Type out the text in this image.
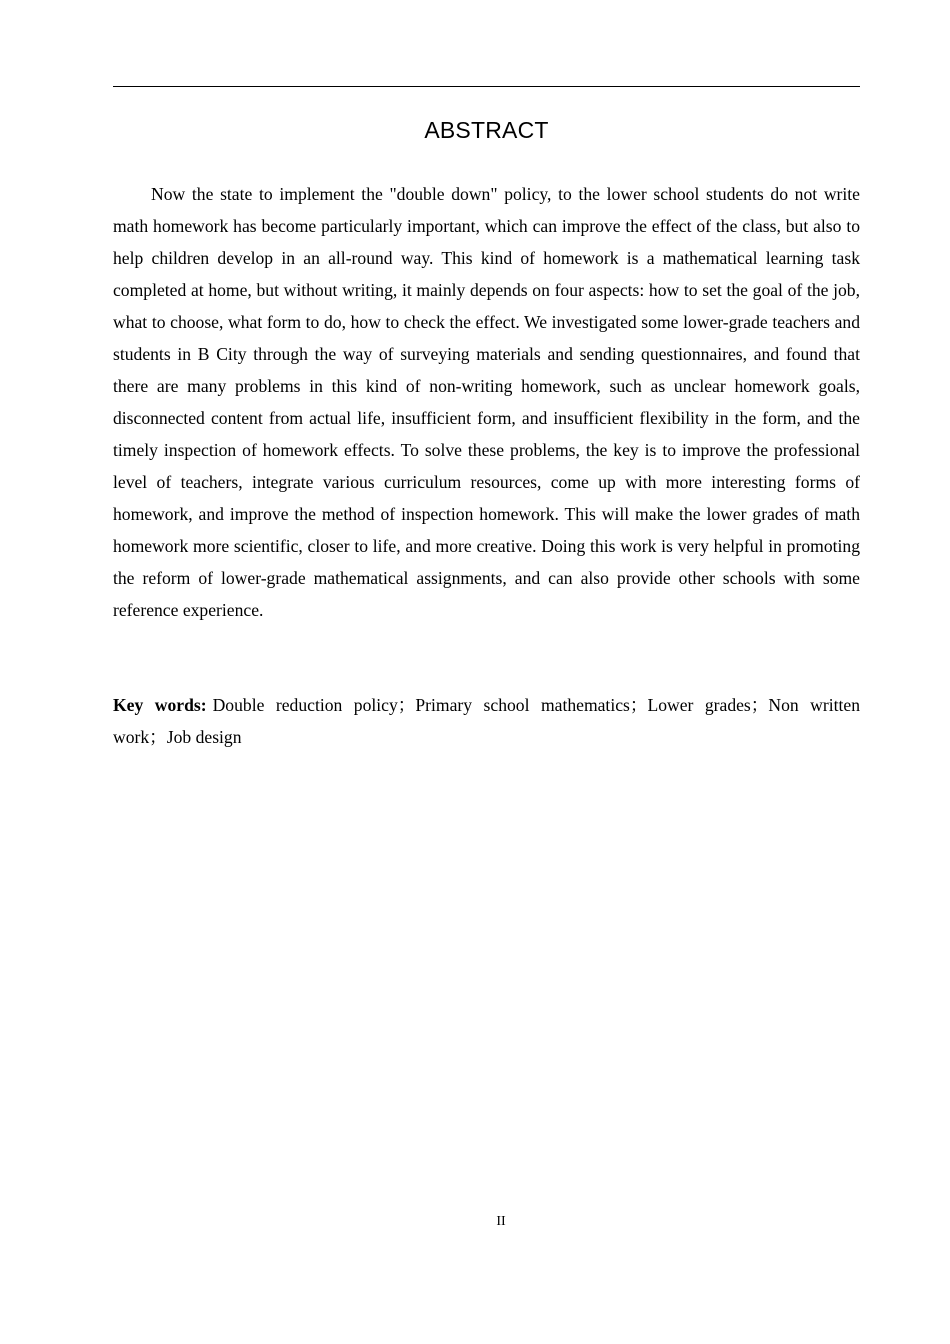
ABSTRACT

Now the state to implement the "double down" policy, to the lower school students do not write math homework has become particularly important, which can improve the effect of the class, but also to help children develop in an all-round way. This kind of homework is a mathematical learning task completed at home, but without writing, it mainly depends on four aspects: how to set the goal of the job, what to choose, what form to do, how to check the effect. We investigated some lower-grade teachers and students in B City through the way of surveying materials and sending questionnaires, and found that there are many problems in this kind of non-writing homework, such as unclear homework goals, disconnected content from actual life, insufficient form, and insufficient flexibility in the form, and the timely inspection of homework effects. To solve these problems, the key is to improve the professional level of teachers, integrate various curriculum resources, come up with more interesting forms of homework, and improve the method of inspection homework. This will make the lower grades of math homework more scientific, closer to life, and more creative. Doing this work is very helpful in promoting the reform of lower-grade mathematical assignments, and can also provide other schools with some reference experience.

Key words: Double reduction policy；Primary school mathematics；Lower grades；Non written work；Job design

II
